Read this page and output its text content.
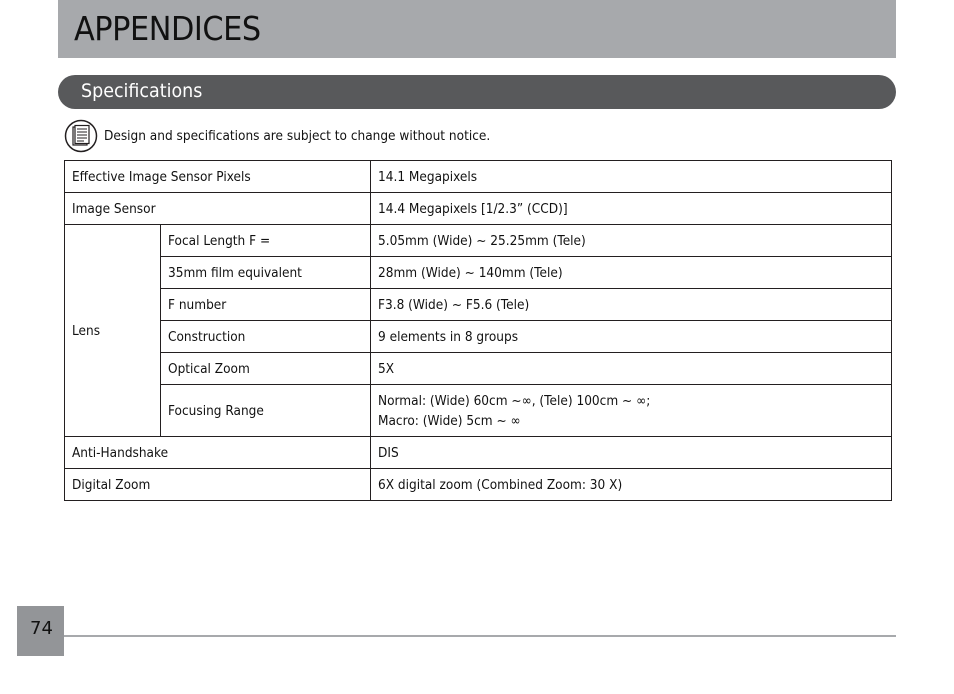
APPENDICES
Specifications
Design and specifications are subject to change without notice.
Effective Image Sensor Pixels		14.1 Megapixels
Image Sensor		14.4 Megapixels [1/2.3” (CCD)]
Lens	Focal Length F =	5.05mm (Wide) ~ 25.25mm (Tele)
	35mm film equivalent	28mm (Wide) ~ 140mm (Tele)
	F number	F3.8 (Wide) ~ F5.6 (Tele)
	Construction	9 elements in 8 groups
	Optical Zoom	5X
	Focusing Range	Normal: (Wide) 60cm ~∞, (Tele) 100cm ~ ∞;
Macro: (Wide) 5cm ~ ∞

Anti-Handshake		DIS
Digital Zoom		6X digital zoom (Combined Zoom: 30 X)
74
